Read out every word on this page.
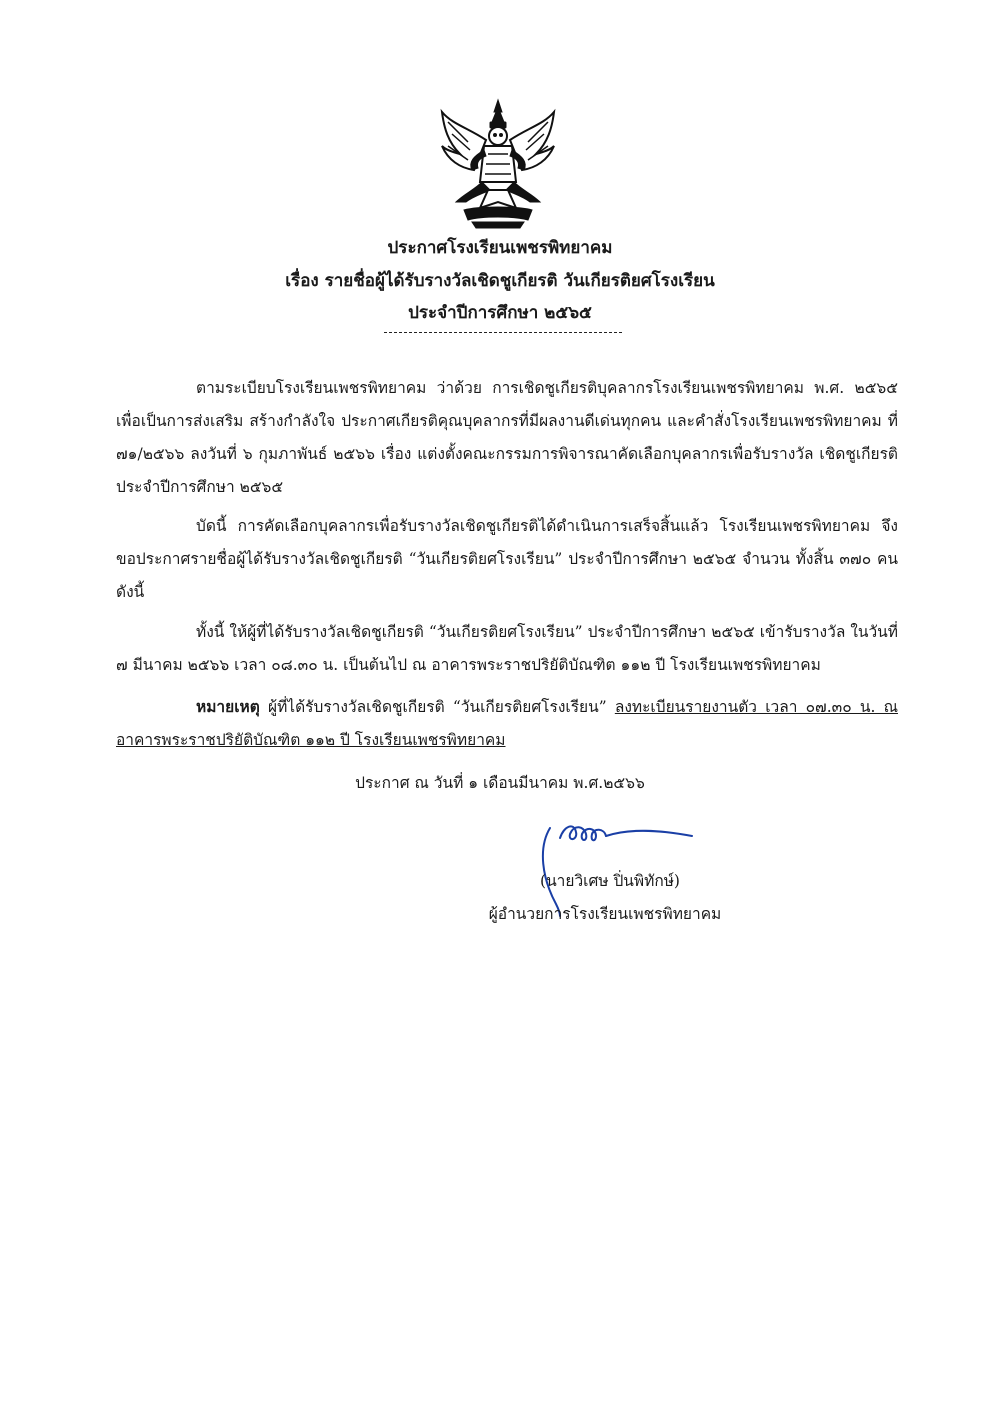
ประกาศโรงเรียนเพชรพิทยาคม
เรื่อง รายชื่อผู้ได้รับรางวัลเชิดชูเกียรติ วันเกียรติยศโรงเรียน
ประจำปีการศึกษา ๒๕๖๕
ตามระเบียบโรงเรียนเพชรพิทยาคม ว่าด้วย การเชิดชูเกียรติบุคลากรโรงเรียนเพชรพิทยาคม พ.ศ. ๒๕๖๕ เพื่อเป็นการส่งเสริม สร้างกำลังใจ ประกาศเกียรติคุณบุคลากรที่มีผลงานดีเด่นทุกคน และคำสั่งโรงเรียนเพชรพิทยาคม ที่ ๗๑/๒๕๖๖ ลงวันที่ ๖ กุมภาพันธ์ ๒๕๖๖ เรื่อง แต่งตั้งคณะกรรมการพิจารณาคัดเลือกบุคลากรเพื่อรับรางวัล เชิดชูเกียรติ ประจำปีการศึกษา ๒๕๖๕
บัดนี้ การคัดเลือกบุคลากรเพื่อรับรางวัลเชิดชูเกียรติได้ดำเนินการเสร็จสิ้นแล้ว โรงเรียนเพชรพิทยาคม จึงขอประกาศรายชื่อผู้ได้รับรางวัลเชิดชูเกียรติ “วันเกียรติยศโรงเรียน” ประจำปีการศึกษา ๒๕๖๕ จำนวน ทั้งสิ้น ๓๗๐ คน ดังนี้
ทั้งนี้ ให้ผู้ที่ได้รับรางวัลเชิดชูเกียรติ “วันเกียรติยศโรงเรียน” ประจำปีการศึกษา ๒๕๖๕ เข้ารับรางวัล ในวันที่ ๗ มีนาคม ๒๕๖๖ เวลา ๐๘.๓๐ น. เป็นต้นไป ณ อาคารพระราชปริยัติบัณฑิต ๑๑๒ ปี โรงเรียนเพชรพิทยาคม
หมายเหตุ ผู้ที่ได้รับรางวัลเชิดชูเกียรติ “วันเกียรติยศโรงเรียน” ลงทะเบียนรายงานตัว เวลา ๐๗.๓๐ น. ณ อาคารพระราชปริยัติบัณฑิต ๑๑๒ ปี โรงเรียนเพชรพิทยาคม
ประกาศ ณ วันที่ ๑ เดือนมีนาคม พ.ศ.๒๕๖๖
(นายวิเศษ ปิ่นพิทักษ์)
ผู้อำนวยการโรงเรียนเพชรพิทยาคม
